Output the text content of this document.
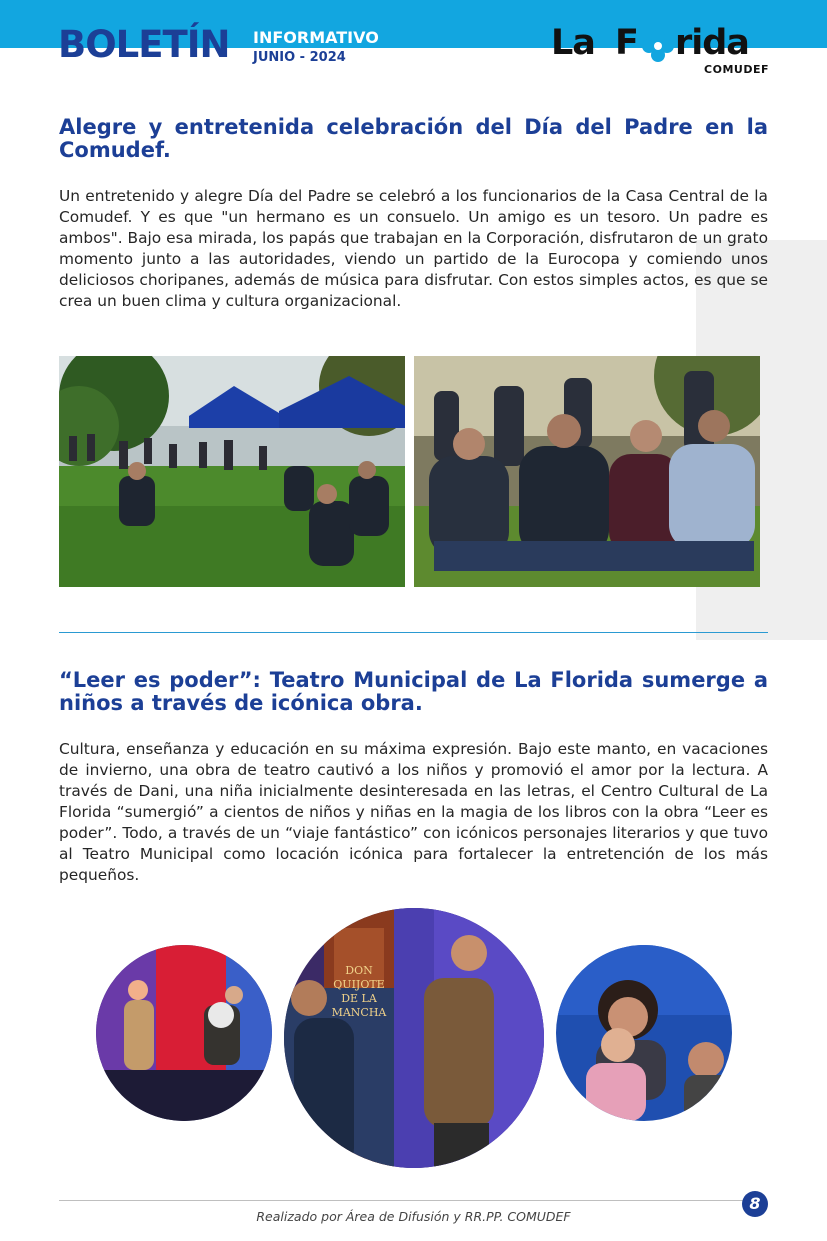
BOLETÍN INFORMATIVO
JUNIO - 2024	La F rida
COMUDEF
Alegre y entretenida celebración del Día del Padre en la Comudef.
Un entretenido y alegre Día del Padre se celebró a los funcionarios de la Casa Central de la Comudef. Y es que "un hermano es un consuelo. Un amigo es un tesoro. Un padre es ambos". Bajo esa mirada, los papás que trabajan en la Corporación, disfrutaron de un grato momento junto a las autoridades, viendo un partido de la Eurocopa y comiendo unos deliciosos choripanes, además de música para disfrutar. Con estos simples actos, es que se crea un buen clima y cultura organizacional.
“Leer es poder”: Teatro Municipal de La Florida sumerge a niños a través de icónica obra.
Cultura, enseñanza y educación en su máxima expresión. Bajo este manto, en vacaciones de invierno, una obra de teatro cautivó a los niños y promovió el amor por la lectura. A través de Dani, una niña inicialmente desinteresada en las letras, el Centro Cultural de La Florida “sumergió” a cientos de niños y niñas en la magia de los libros con la obra “Leer es poder”. Todo, a través de un “viaje fantástico” con icónicos personajes literarios y que tuvo al Teatro Municipal como locación icónica para fortalecer la entretención de los más pequeños.
DON
QUIJOTE
DE LA
MANCHA
8
Realizado por Área de Difusión y RR.PP. COMUDEF
